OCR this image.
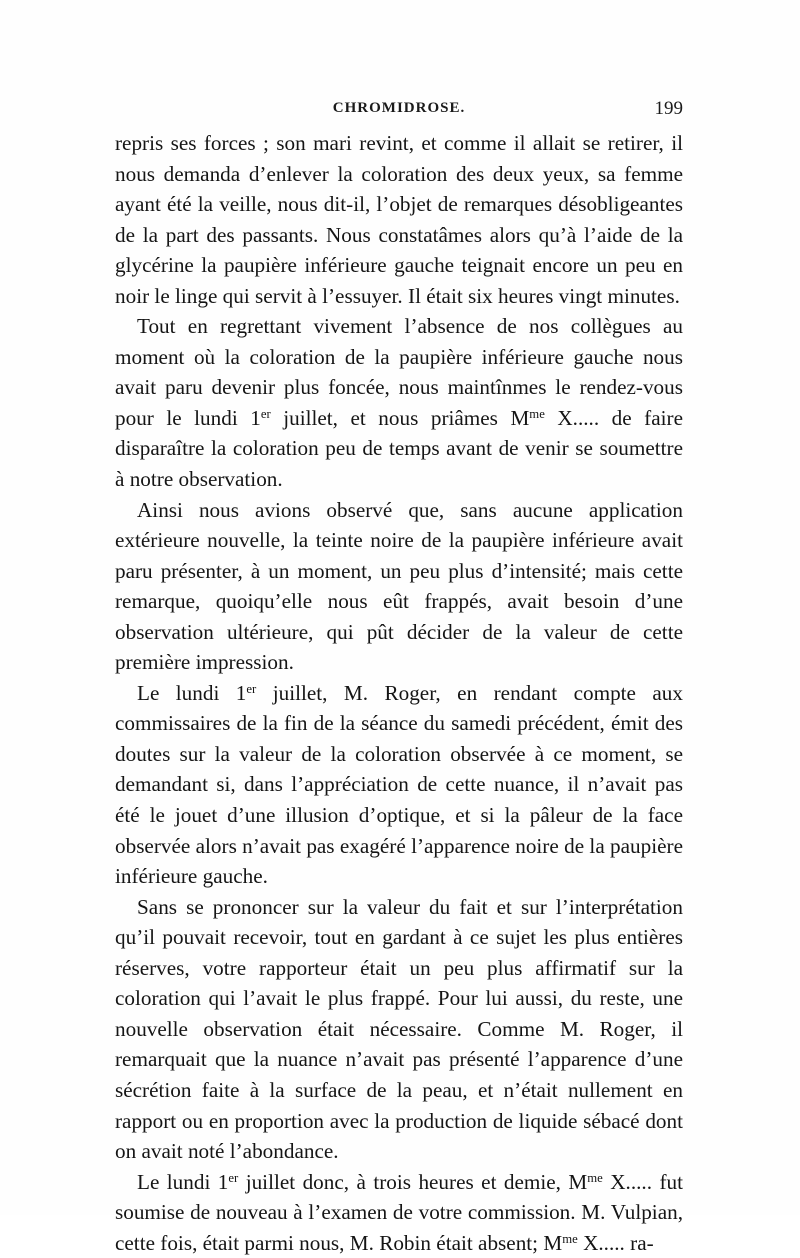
CHROMIDROSE.	199

repris ses forces ; son mari revint, et comme il allait se retirer, il nous demanda d’enlever la coloration des deux yeux, sa femme ayant été la veille, nous dit-il, l’objet de remarques désobligeantes de la part des passants. Nous constatâmes alors qu’à l’aide de la glycérine la paupière inférieure gauche teignait encore un peu en noir le linge qui servit à l’essuyer. Il était six heures vingt minutes.

Tout en regrettant vivement l’absence de nos collègues au moment où la coloration de la paupière inférieure gauche nous avait paru devenir plus foncée, nous maintînmes le rendez-vous pour le lundi 1er juillet, et nous priâmes $M^{me}$ X..... de faire disparaître la coloration peu de temps avant de venir se soumettre à notre observation.

Ainsi nous avions observé que, sans aucune application extérieure nouvelle, la teinte noire de la paupière inférieure avait paru présenter, à un moment, un peu plus d’intensité; mais cette remarque, quoiqu’elle nous eût frappés, avait besoin d’une observation ultérieure, qui pût décider de la valeur de cette première impression.

Le lundi 1er juillet, M. Roger, en rendant compte aux commissaires de la fin de la séance du samedi précédent, émit des doutes sur la valeur de la coloration observée à ce moment, se demandant si, dans l’appréciation de cette nuance, il n’avait pas été le jouet d’une illusion d’optique, et si la pâleur de la face observée alors n’avait pas exagéré l’apparence noire de la paupière inférieure gauche.

Sans se prononcer sur la valeur du fait et sur l’interprétation qu’il pouvait recevoir, tout en gardant à ce sujet les plus entières réserves, votre rapporteur était un peu plus affirmatif sur la coloration qui l’avait le plus frappé. Pour lui aussi, du reste, une nouvelle observation était nécessaire. Comme M. Roger, il remarquait que la nuance n’avait pas présenté l’apparence d’une sécrétion faite à la surface de la peau, et n’était nullement en rapport ou en proportion avec la production de liquide sébacé dont on avait noté l’abondance.

Le lundi 1er juillet donc, à trois heures et demie, $M^{me}$ X..... fut soumise de nouveau à l’examen de votre commission. M. Vulpian, cette fois, était parmi nous, M. Robin était absent; $M^{me}$ X..... ra-
